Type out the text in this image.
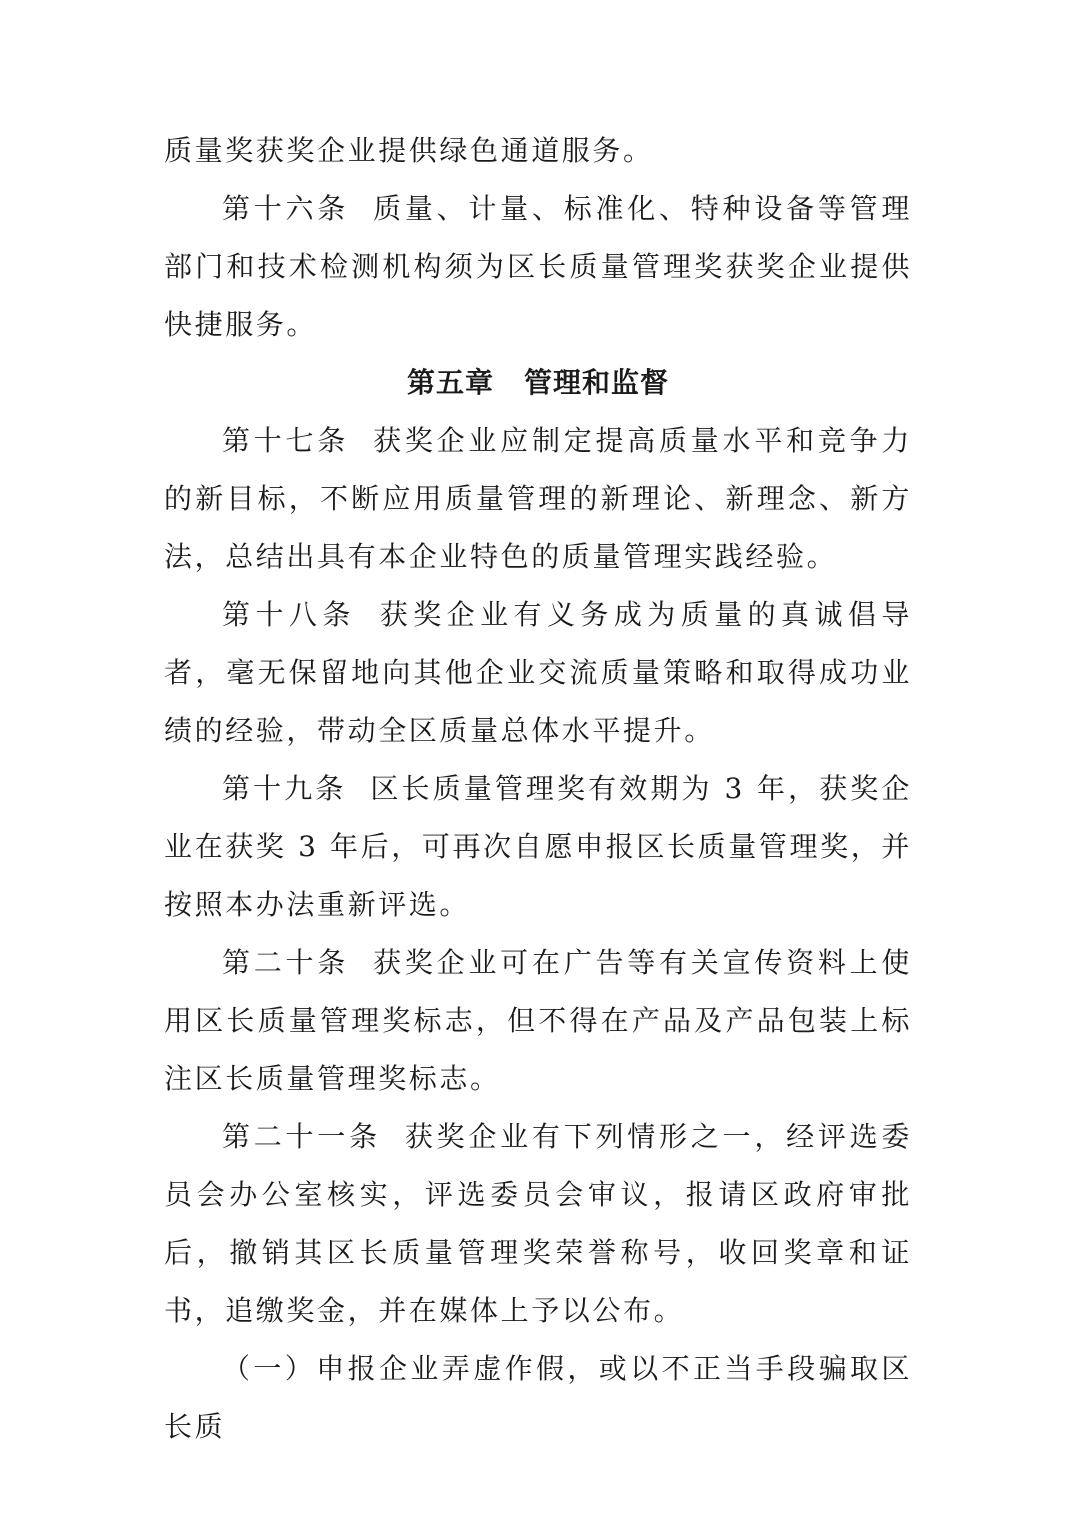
质量奖获奖企业提供绿色通道服务。

第十六条 质量、计量、标准化、特种设备等管理部门和技术检测机构须为区长质量管理奖获奖企业提供快捷服务。

第五章 管理和监督

第十七条 获奖企业应制定提高质量水平和竞争力的新目标，不断应用质量管理的新理论、新理念、新方法，总结出具有本企业特色的质量管理实践经验。

第十八条 获奖企业有义务成为质量的真诚倡导者，毫无保留地向其他企业交流质量策略和取得成功业绩的经验，带动全区质量总体水平提升。

第十九条 区长质量管理奖有效期为 3 年，获奖企业在获奖 3 年后，可再次自愿申报区长质量管理奖，并按照本办法重新评选。

第二十条 获奖企业可在广告等有关宣传资料上使用区长质量管理奖标志，但不得在产品及产品包装上标注区长质量管理奖标志。

第二十一条 获奖企业有下列情形之一，经评选委员会办公室核实，评选委员会审议，报请区政府审批后，撤销其区长质量管理奖荣誉称号，收回奖章和证书，追缴奖金，并在媒体上予以公布。

（一）申报企业弄虚作假，或以不正当手段骗取区长质
